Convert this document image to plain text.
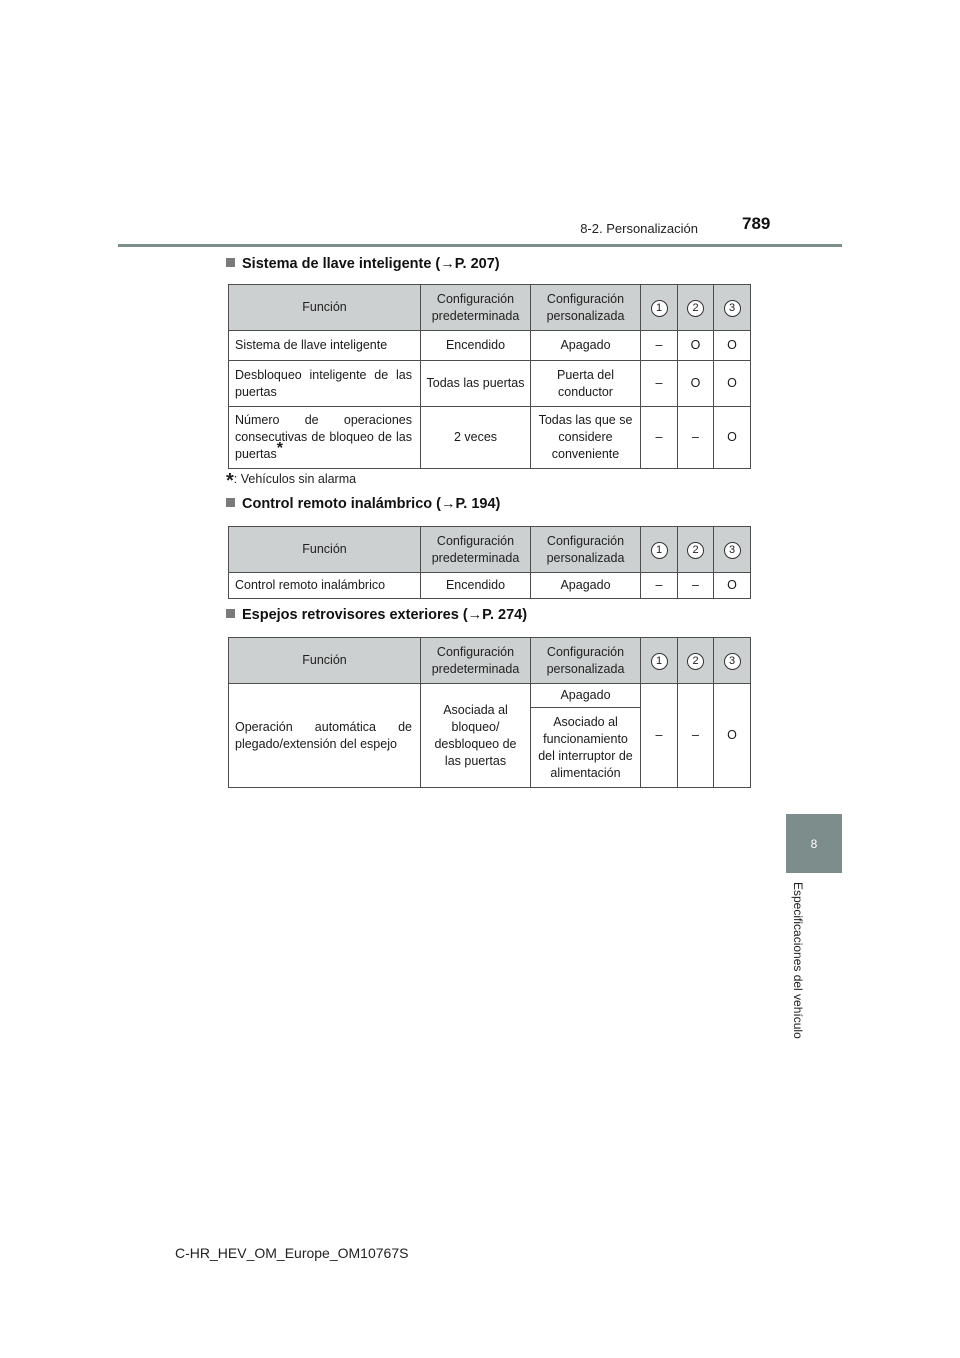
8-2. Personalización	789
Sistema de llave inteligente (→P. 207)
Función	Configuración predeterminada	Configuración personalizada	1	2	3
Sistema de llave inteligente	Encendido	Apagado	–	O	O
Desbloqueo inteligente de las puertas	Todas las puertas	Puerta del conductor	–	O	O
Número de operaciones consecutivas de bloqueo de las puertas*	2 veces	Todas las que se considere conveniente	–	–	O
*: Vehículos sin alarma
Control remoto inalámbrico (→P. 194)
Función	Configuración predeterminada	Configuración personalizada	1	2	3
Control remoto inalámbrico	Encendido	Apagado	–	–	O
Espejos retrovisores exteriores (→P. 274)
Función	Configuración predeterminada	Configuración personalizada	1	2	3
Operación automática de plegado/extensión del espejo	Asociada al bloqueo/ desbloqueo de las puertas	Apagado	–	–	O
		Asociado al funcionamiento del interruptor de alimentación			
8
Especificaciones del vehículo
C-HR_HEV_OM_Europe_OM10767S
